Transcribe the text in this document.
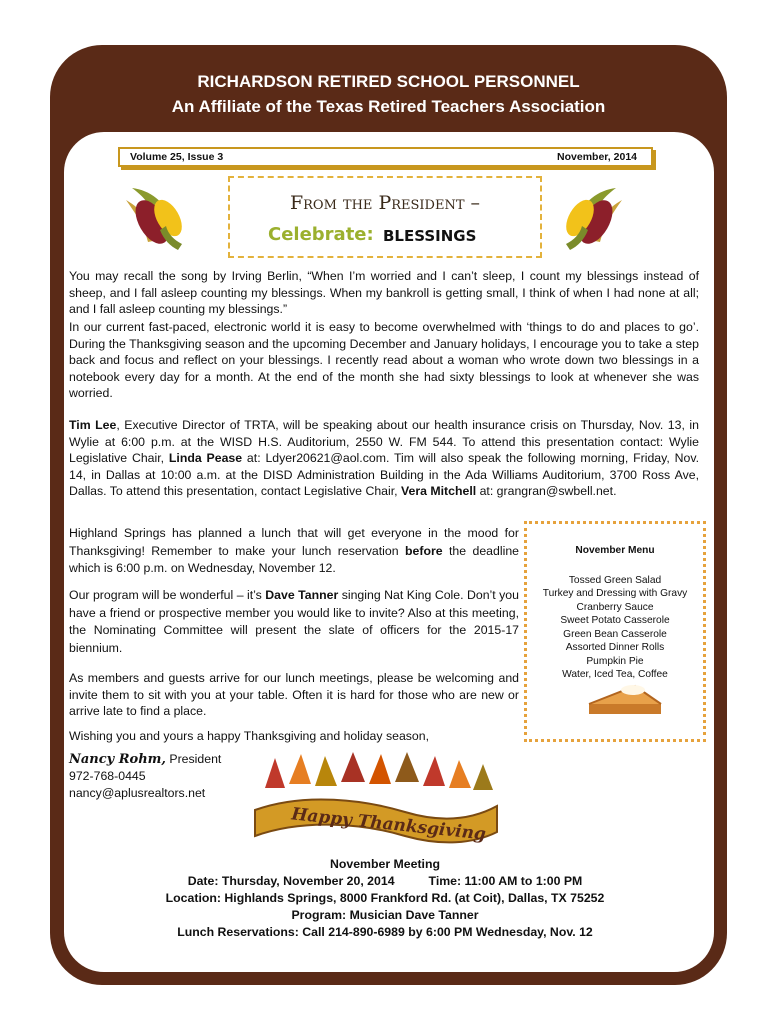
RICHARDSON RETIRED SCHOOL PERSONNEL
An Affiliate of the Texas Retired Teachers Association
Volume 25, Issue 3	November, 2014
From the President –
Celebrate: BLESSINGS

You may recall the song by Irving Berlin, “When I’m worried and I can’t sleep, I count my blessings instead of sheep, and I fall asleep counting my blessings. When my bankroll is getting small, I think of when I had none at all; and I fall asleep counting my blessings.”

In our current fast-paced, electronic world it is easy to become overwhelmed with ‘things to do and places to go’. During the Thanksgiving season and the upcoming December and January holidays, I encourage you to take a step back and focus and reflect on your blessings. I recently read about a woman who wrote down two blessings in a notebook every day for a month. At the end of the month she had sixty blessings to look at whenever she was worried.

Tim Lee, Executive Director of TRTA, will be speaking about our health insurance crisis on Thursday, Nov. 13, in Wylie at 6:00 p.m. at the WISD H.S. Auditorium, 2550 W. FM 544. To attend this presentation contact: Wylie Legislative Chair, Linda Pease at: Ldyer20621@aol.com. Tim will also speak the following morning, Friday, Nov. 14, in Dallas at 10:00 a.m. at the DISD Administration Building in the Ada Williams Auditorium, 3700 Ross Ave, Dallas. To attend this presentation, contact Legislative Chair, Vera Mitchell at: grangran@swbell.net.

Highland Springs has planned a lunch that will get everyone in the mood for Thanksgiving! Remember to make your lunch reservation before the deadline which is 6:00 p.m. on Wednesday, November 12.

Our program will be wonderful – it’s Dave Tanner singing Nat King Cole. Don’t you have a friend or prospective member you would like to invite? Also at this meeting, the Nominating Committee will present the slate of officers for the 2015-17 biennium.

As members and guests arrive for our lunch meetings, please be welcoming and invite them to sit with you at your table. Often it is hard for those who are new or arrive late to find a place.

Wishing you and yours a happy Thanksgiving and holiday season,

November Menu
Tossed Green Salad
Turkey and Dressing with Gravy
Cranberry Sauce
Sweet Potato Casserole
Green Bean Casserole
Assorted Dinner Rolls
Pumpkin Pie
Water, Iced Tea, Coffee
Nancy Rohm, President
972-768-0445
nancy@aplusrealtors.net
Happy Thanksgiving
November Meeting
Date: Thursday, November 20, 2014	Time: 11:00 AM to 1:00 PM
Location: Highlands Springs, 8000 Frankford Rd. (at Coit), Dallas, TX 75252
Program: Musician Dave Tanner
Lunch Reservations: Call 214-890-6989 by 6:00 PM Wednesday, Nov. 12
